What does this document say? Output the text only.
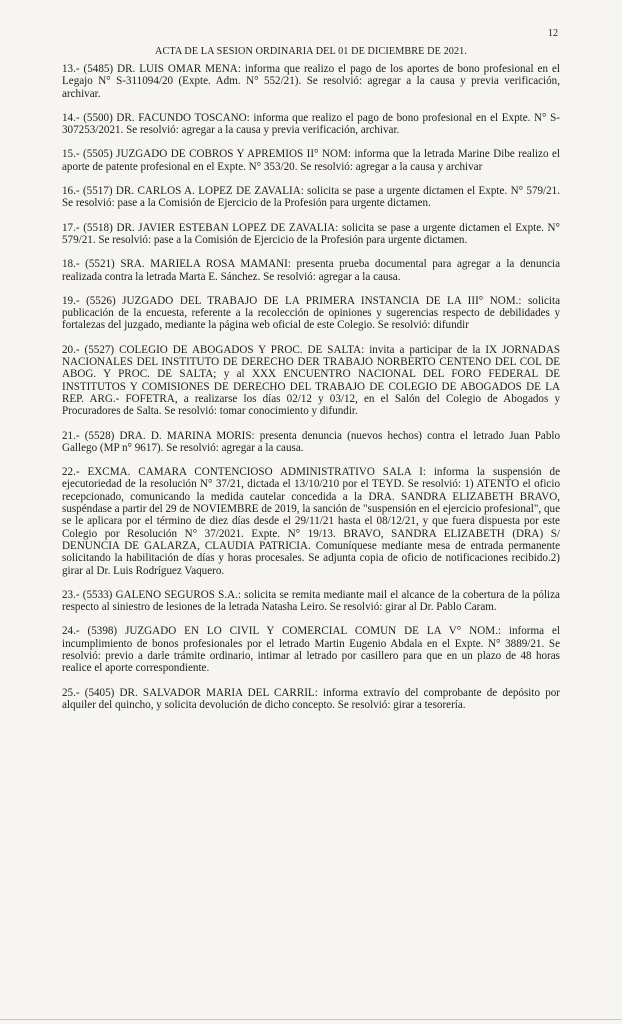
12
ACTA DE LA SESION ORDINARIA DEL 01 DE DICIEMBRE DE 2021.

13.- (5485) DR. LUIS OMAR MENA: informa que realizo el pago de los aportes de bono profesional en el Legajo N° S-311094/20 (Expte. Adm. N° 552/21). Se resolvió: agregar a la causa y previa verificación, archivar.

14.- (5500) DR. FACUNDO TOSCANO: informa que realizo el pago de bono profesional en el Expte. N° S-307253/2021. Se resolvió: agregar a la causa y previa verificación, archivar.

15.- (5505) JUZGADO DE COBROS Y APREMIOS II° NOM: informa que la letrada Marine Dibe realizo el aporte de patente profesional en el Expte. N° 353/20. Se resolvió: agregar a la causa y archivar

16.- (5517) DR. CARLOS A. LOPEZ DE ZAVALIA: solicita se pase a urgente dictamen el Expte. N° 579/21. Se resolvió: pase a la Comisión de Ejercicio de la Profesión para urgente dictamen.

17.- (5518) DR. JAVIER ESTEBAN LOPEZ DE ZAVALIA: solicita se pase a urgente dictamen el Expte. N° 579/21. Se resolvió: pase a la Comisión de Ejercicio de la Profesión para urgente dictamen.

18.- (5521) SRA. MARIELA ROSA MAMANI: presenta prueba documental para agregar a la denuncia realizada contra la letrada Marta E. Sánchez. Se resolvió: agregar a la causa.

19.- (5526) JUZGADO DEL TRABAJO DE LA PRIMERA INSTANCIA DE LA III° NOM.: solicita publicación de la encuesta, referente a la recolección de opiniones y sugerencias respecto de debilidades y fortalezas del juzgado, mediante la página web oficial de este Colegio. Se resolvió: difundir

20.- (5527) COLEGIO DE ABOGADOS Y PROC. DE SALTA: invita a participar de la IX JORNADAS NACIONALES DEL INSTITUTO DE DERECHO DER TRABAJO NORBERTO CENTENO DEL COL DE ABOG. Y PROC. DE SALTA; y al XXX ENCUENTRO NACIONAL DEL FORO FEDERAL DE INSTITUTOS Y COMISIONES DE DERECHO DEL TRABAJO DE COLEGIO DE ABOGADOS DE LA REP. ARG.- FOFETRA, a realizarse los días 02/12 y 03/12, en el Salón del Colegio de Abogados y Procuradores de Salta. Se resolvió: tomar conocimiento y difundir.

21.- (5528) DRA. D. MARINA MORIS: presenta denuncia (nuevos hechos) contra el letrado Juan Pablo Gallego (MP n° 9617). Se resolvió: agregar a la causa.

22.- EXCMA. CAMARA CONTENCIOSO ADMINISTRATIVO SALA I: informa la suspensión de ejecutoriedad de la resolución N° 37/21, dictada el 13/10/210 por el TEYD. Se resolvió: 1) ATENTO el oficio recepcionado, comunicando la medida cautelar concedida a la DRA. SANDRA ELIZABETH BRAVO, suspéndase a partir del 29 de NOVIEMBRE de 2019, la sanción de "suspensión en el ejercicio profesional", que se le aplicara por el término de diez días desde el 29/11/21 hasta el 08/12/21, y que fuera dispuesta por este Colegio por Resolución N° 37/2021. Expte. N° 19/13. BRAVO, SANDRA ELIZABETH (DRA) S/ DENUNCIA DE GALARZA, CLAUDIA PATRICIA. Comuníquese mediante mesa de entrada permanente solicitando la habilitación de días y horas procesales. Se adjunta copia de oficio de notificaciones recibido.2) girar al Dr. Luis Rodríguez Vaquero.

23.- (5533) GALENO SEGUROS S.A.: solicita se remita mediante mail el alcance de la cobertura de la póliza respecto al siniestro de lesiones de la letrada Natasha Leiro. Se resolvió: girar al Dr. Pablo Caram.

24.- (5398) JUZGADO EN LO CIVIL Y COMERCIAL COMUN DE LA V° NOM.: informa el incumplimiento de bonos profesionales por el letrado Martin Eugenio Abdala en el Expte. N° 3889/21. Se resolvió: previo a darle trámite ordinario, intimar al letrado por casillero para que en un plazo de 48 horas realice el aporte correspondiente.

25.- (5405) DR. SALVADOR MARIA DEL CARRIL: informa extravío del comprobante de depósito por alquiler del quincho, y solicita devolución de dicho concepto. Se resolvió: girar a tesorería.
